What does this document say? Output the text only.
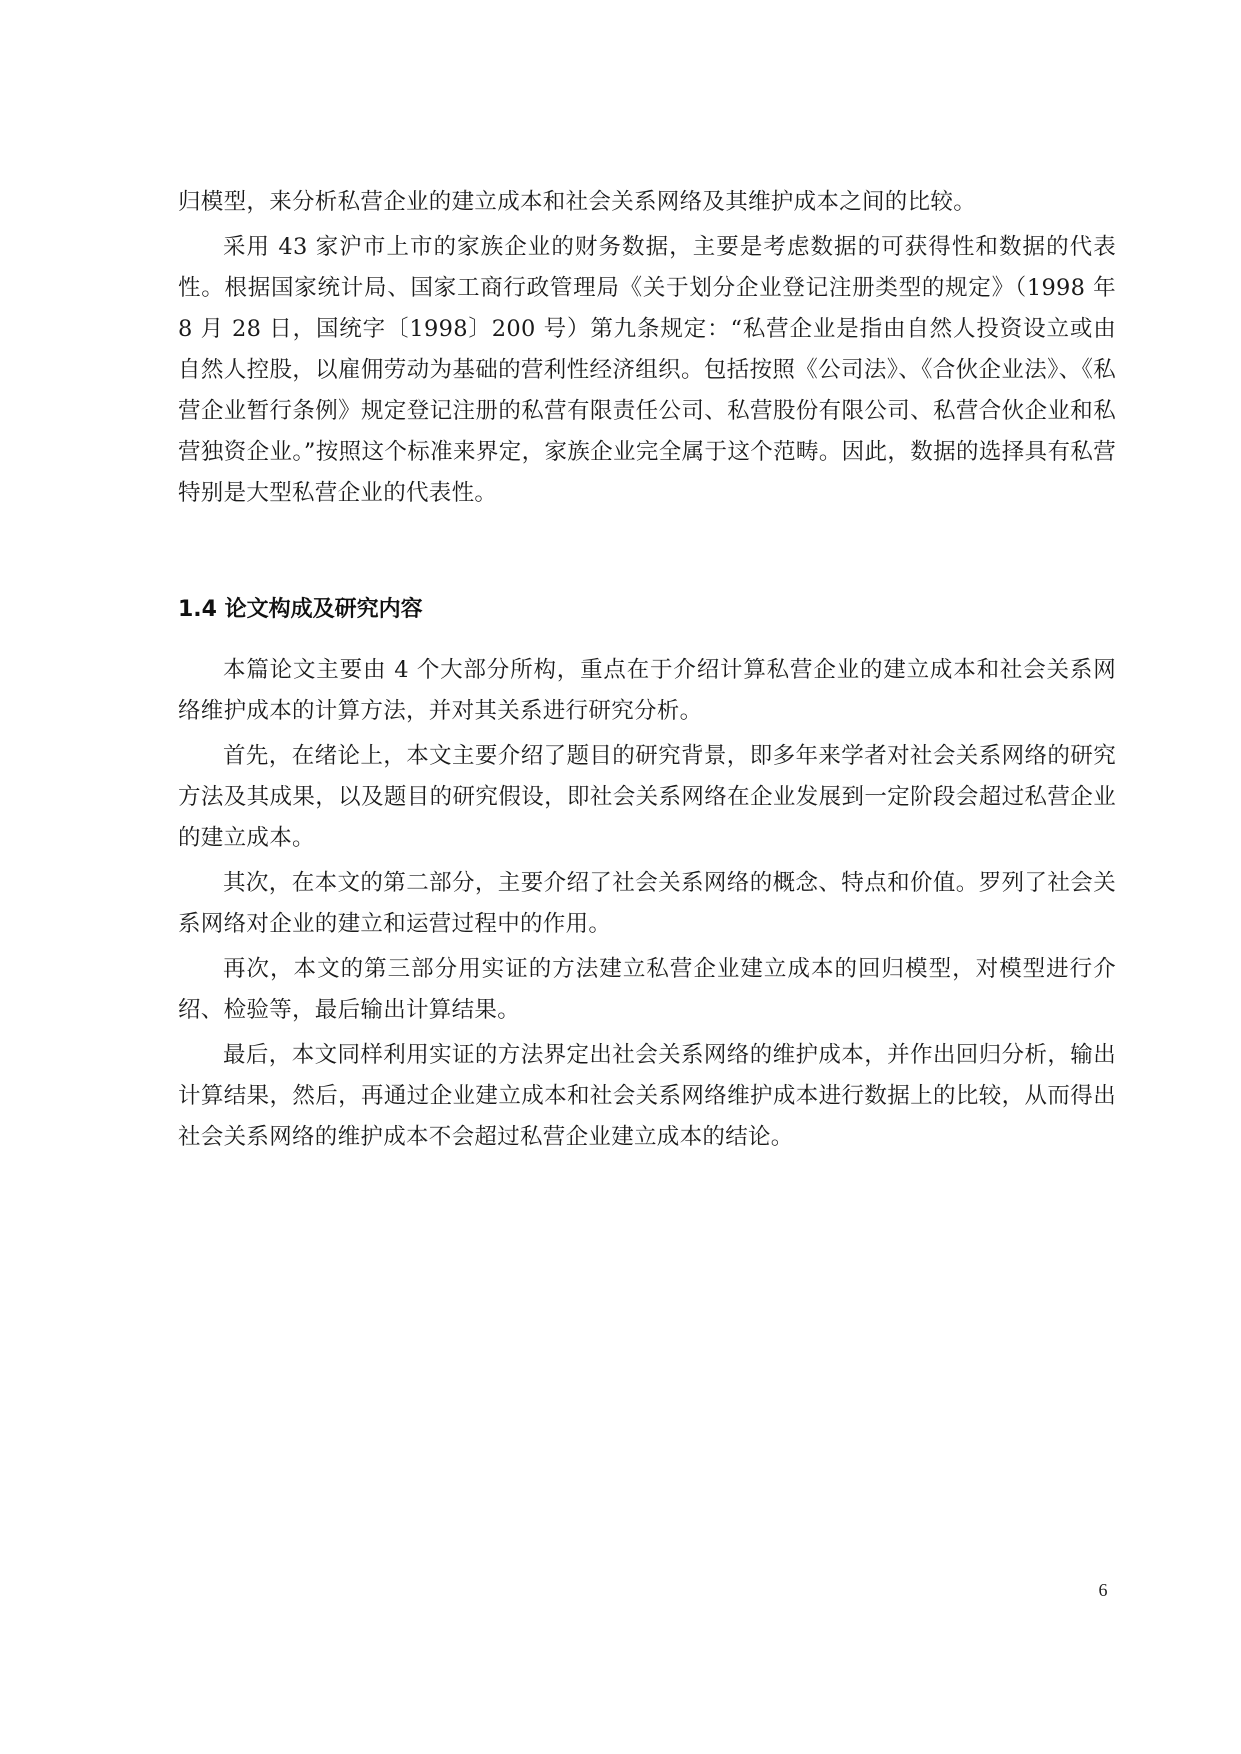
归模型，来分析私营企业的建立成本和社会关系网络及其维护成本之间的比较。

采用 43 家沪市上市的家族企业的财务数据，主要是考虑数据的可获得性和数据的代表性。根据国家统计局、国家工商行政管理局《关于划分企业登记注册类型的规定》（1998 年 8 月 28 日，国统字〔1998〕200 号）第九条规定：“私营企业是指由自然人投资设立或由自然人控股，以雇佣劳动为基础的营利性经济组织。包括按照《公司法》、《合伙企业法》、《私营企业暂行条例》规定登记注册的私营有限责任公司、私营股份有限公司、私营合伙企业和私营独资企业。”按照这个标准来界定，家族企业完全属于这个范畴。因此，数据的选择具有私营特别是大型私营企业的代表性。

1.4 论文构成及研究内容

本篇论文主要由 4 个大部分所构，重点在于介绍计算私营企业的建立成本和社会关系网络维护成本的计算方法，并对其关系进行研究分析。

首先，在绪论上，本文主要介绍了题目的研究背景，即多年来学者对社会关系网络的研究方法及其成果，以及题目的研究假设，即社会关系网络在企业发展到一定阶段会超过私营企业的建立成本。

其次，在本文的第二部分，主要介绍了社会关系网络的概念、特点和价值。罗列了社会关系网络对企业的建立和运营过程中的作用。

再次，本文的第三部分用实证的方法建立私营企业建立成本的回归模型，对模型进行介绍、检验等，最后输出计算结果。

最后，本文同样利用实证的方法界定出社会关系网络的维护成本，并作出回归分析，输出计算结果，然后，再通过企业建立成本和社会关系网络维护成本进行数据上的比较，从而得出社会关系网络的维护成本不会超过私营企业建立成本的结论。

6
